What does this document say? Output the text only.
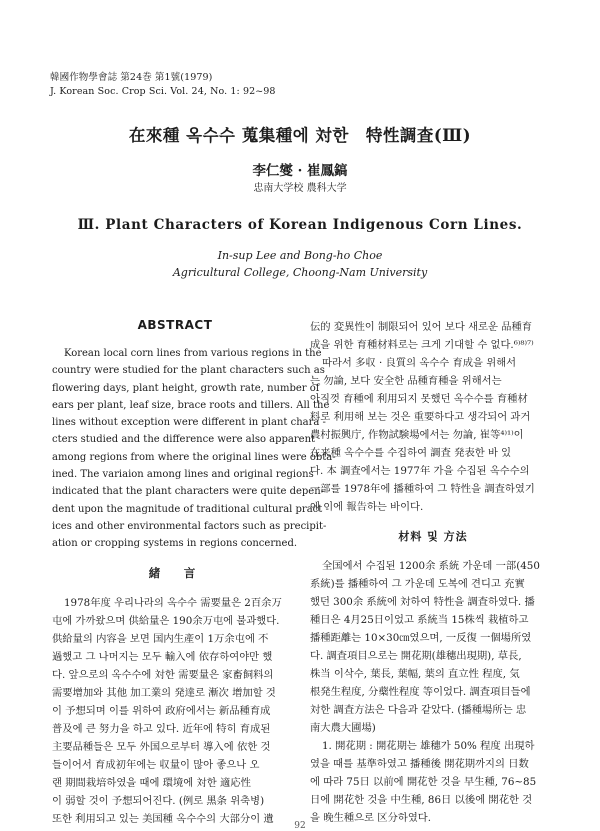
韓國作物學會誌 第24巻 第1號(1979)
J. Korean Soc. Crop Sci. Vol. 24, No. 1: 92~98
在來種 옥수수 蒐集種에 対한　特性調査(Ⅲ)
李仁燮 · 崔鳳鎬
忠南大学校 農科大学
Ⅲ. Plant Characters of Korean Indigenous Corn Lines.
In-sup Lee and Bong-ho Choe
Agricultural College, Choong-Nam University
ABSTRACT
Korean local corn lines from various regions in the
country were studied for the plant characters such as
flowering days, plant height, growth rate, number of
ears per plant, leaf size, brace roots and tillers. All the
lines without exception were different in plant chara -
cters studied and the difference were also apparent
among regions from where the original lines were obta-
ined. The variaion among lines and original regions
indicated that the plant characters were quite depen-
dent upon the magnitude of traditional cultural pract -
ices and other environmental factors such as precipit-
ation or cropping systems in regions concerned.
緒　言
1978年度 우리나라의 옥수수 需要量은 2百余万
屯에 가까왔으며 供給量은 190余万屯에 불과했다.
供給量의 内容을 보면 国内生產이 1万余屯에 不
過했고 그 나머지는 모두 輸入에 依存하여야만 했
다. 앞으로의 옥수수에 対한 需要量은 家畜飼料의
需要增加와 其他 加工業의 発達로 漸次 增加할 것
이 予想되며 이를 위하여 政府에서는 新品種育成
普及에 큰 努力을 하고 있다. 近年에 特히 育成된
主要品種들은 모두 外国으로부터 導入에 依한 것
들이어서 育成初年에는 収量이 많아 좋으나 오
랜 期間栽培하였을 때에 環境에 対한 適応性
이 弱할 것이 予想되어진다. (例로 黑条 위축병)
또한 利用되고 있는 美国種 옥수수의 大部分이 遺
伝的 変異性이 制限되어 있어 보다 새로운 品種育
成을 위한 育種材料로는 크게 기대할 수 없다.⁶⁾⁸⁾⁷⁾
따라서 多収 · 良質의 옥수수 育成을 위해서
는 勿論, 보다 安全한 品種育種을 위해서는
아직껏 育種에 利用되지 못했던 옥수수를 育種材
料로 利用해 보는 것은 重要하다고 생각되어 과거
農村振興庁, 作物試験場에서는 勿論, 崔等⁴⁾¹⁾이
在来種 옥수수를 수집하여 調査 発表한 바 있
다. 本 調査에서는 1977年 가을 수집된 옥수수의
一部를 1978年에 播種하여 그 特性을 調査하였기
에 이에 報告하는 바이다.
材料 및 方法
全国에서 수집된 1200余 系統 가운데 一部(450
系統)를 播種하여 그 가운데 도복에 견디고 充實
했던 300余 系統에 対하여 特性을 調査하였다. 播
種日은 4月25日이었고 系統当 15株씩 栽植하고
播種距離는 10×30㎝였으며, 一反復 一個場所였
다. 調査項目으로는 開花期(雄穗出現期), 草長,
株当 이삭수, 葉長, 葉幅, 葉의 直立性 程度, 気
根発生程度, 分蘗性程度 等이었다. 調査項目들에
対한 調査方法은 다음과 같았다. (播種場所는 忠
南大農大圃場)
1. 開花期 : 開花期는 雄穗가 50% 程度 出現하
였을 때를 基準하였고 播種後 開花期까지의 日数
에 따라 75日 以前에 開花한 것을 早生種, 76~85
日에 開花한 것을 中生種, 86日 以後에 開花한 것
을 晚生種으로 区分하였다.
92
